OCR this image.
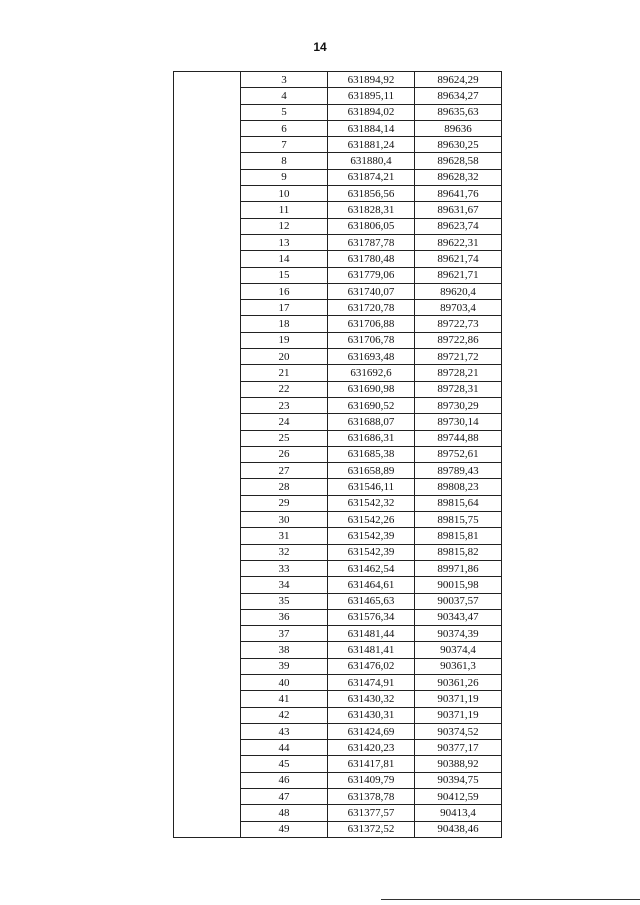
14
	3	631894,92	89624,29
	4	631895,11	89634,27
	5	631894,02	89635,63
	6	631884,14	89636
	7	631881,24	89630,25
	8	631880,4	89628,58
	9	631874,21	89628,32
	10	631856,56	89641,76
	11	631828,31	89631,67
	12	631806,05	89623,74
	13	631787,78	89622,31
	14	631780,48	89621,74
	15	631779,06	89621,71
	16	631740,07	89620,4
	17	631720,78	89703,4
	18	631706,88	89722,73
	19	631706,78	89722,86
	20	631693,48	89721,72
	21	631692,6	89728,21
	22	631690,98	89728,31
	23	631690,52	89730,29
	24	631688,07	89730,14
	25	631686,31	89744,88
	26	631685,38	89752,61
	27	631658,89	89789,43
	28	631546,11	89808,23
	29	631542,32	89815,64
	30	631542,26	89815,75
	31	631542,39	89815,81
	32	631542,39	89815,82
	33	631462,54	89971,86
	34	631464,61	90015,98
	35	631465,63	90037,57
	36	631576,34	90343,47
	37	631481,44	90374,39
	38	631481,41	90374,4
	39	631476,02	90361,3
	40	631474,91	90361,26
	41	631430,32	90371,19
	42	631430,31	90371,19
	43	631424,69	90374,52
	44	631420,23	90377,17
	45	631417,81	90388,92
	46	631409,79	90394,75
	47	631378,78	90412,59
	48	631377,57	90413,4
	49	631372,52	90438,46
